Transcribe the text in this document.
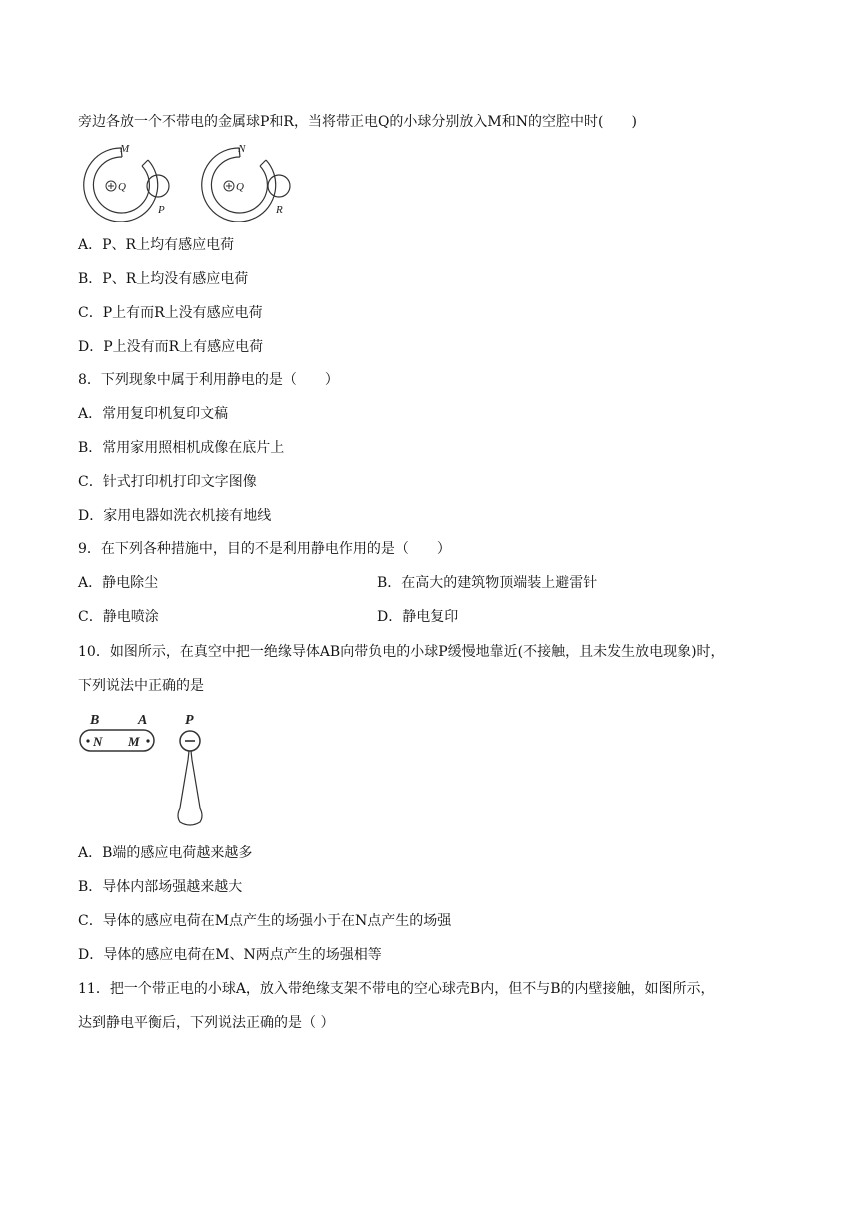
旁边各放一个不带电的金属球P和R，当将带正电Q的小球分别放入M和N的空腔中时(　　)
M
Q
P
N
Q
R
A．P、R上均有感应电荷
B．P、R上均没有感应电荷
C．P上有而R上没有感应电荷
D．P上没有而R上有感应电荷
8．下列现象中属于利用静电的是（　　）
A．常用复印机复印文稿
B．常用家用照相机成像在底片上
C．针式打印机打印文字图像
D．家用电器如洗衣机接有地线
9．在下列各种措施中，目的不是利用静电作用的是（　　）
A．静电除尘	B．在高大的建筑物顶端装上避雷针
C．静电喷涂	D．静电复印
10．如图所示，在真空中把一绝缘导体AB向带负电的小球P缓慢地靠近(不接触，且未发生放电现象)时，
下列说法中正确的是
B	A
N M
P
A．B端的感应电荷越来越多
B．导体内部场强越来越大
C．导体的感应电荷在M点产生的场强小于在N点产生的场强
D．导体的感应电荷在M、N两点产生的场强相等
11．把一个带正电的小球A，放入带绝缘支架不带电的空心球壳B内，但不与B的内壁接触，如图所示，
达到静电平衡后，下列说法正确的是（ ）
